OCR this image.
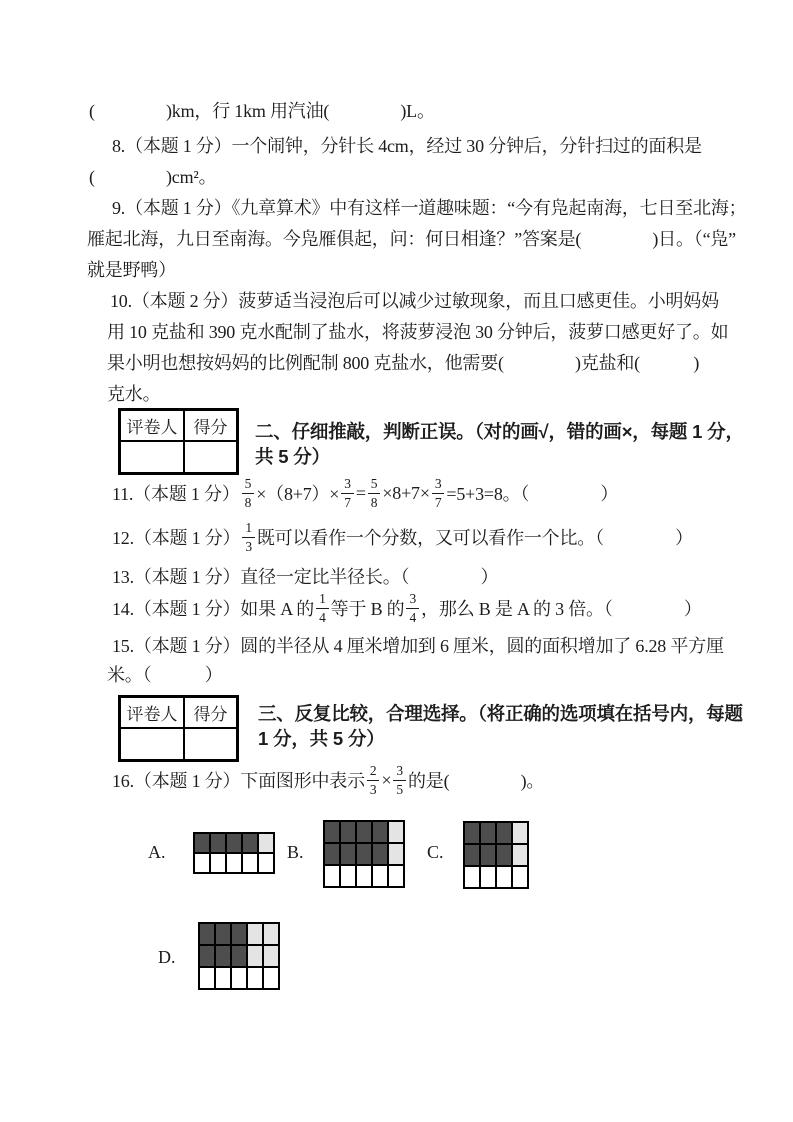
(　　　　)km，行 1km 用汽油(　　　　)L。

8.（本题 1 分）一个闹钟，分针长 4cm，经过 30 分钟后，分针扫过的面积是

(　　　　)cm²。

9.（本题 1 分）《九章算术》中有这样一道趣味题：“今有凫起南海，七日至北海；

雁起北海，九日至南海。今凫雁俱起，问：何日相逢？”答案是(　　　　)日。（“凫”

就是野鸭）

10.（本题 2 分）菠萝适当浸泡后可以减少过敏现象，而且口感更佳。小明妈妈

用 10 克盐和 390 克水配制了盐水，将菠萝浸泡 30 分钟后，菠萝口感更好了。如

果小明也想按妈妈的比例配制 800 克盐水，他需要(　　　　)克盐和(　　　)

克水。

评卷人 得分	二、仔细推敲，判断正误。（对的画√，错的画×，每题 1 分，
共 5 分）
11.（本题 1 分） $\frac{5}{8} \times(8+7)\times \frac{3}{7} = \frac{5}{8} \times 8+7\times \frac{3}{7} =5+3=8$。（　　　　）
12.（本题 1 分） $\frac{1}{3}$ 既可以看作一个分数，又可以看作一个比。（　　　　）

13.（本题 1 分）直径一定比半径长。（　　　　）

14.（本题 1 分）如果 A 的 $\frac{1}{4}$ 等于 B 的 $\frac{3}{4}$ ，那么 B 是 A 的 3 倍。（　　　　）

15.（本题 1 分）圆的半径从 4 厘米增加到 6 厘米，圆的面积增加了 6.28 平方厘

米。（　　　）

评卷人 得分	三、反复比较，合理选择。（将正确的选项填在括号内，每题
1 分，共 5 分）
16.（本题 1 分）下面图形中表示 $\frac{2}{3} \times \frac{3}{5}$ 的是(　　　　)。
A.	B.	C.
D.
